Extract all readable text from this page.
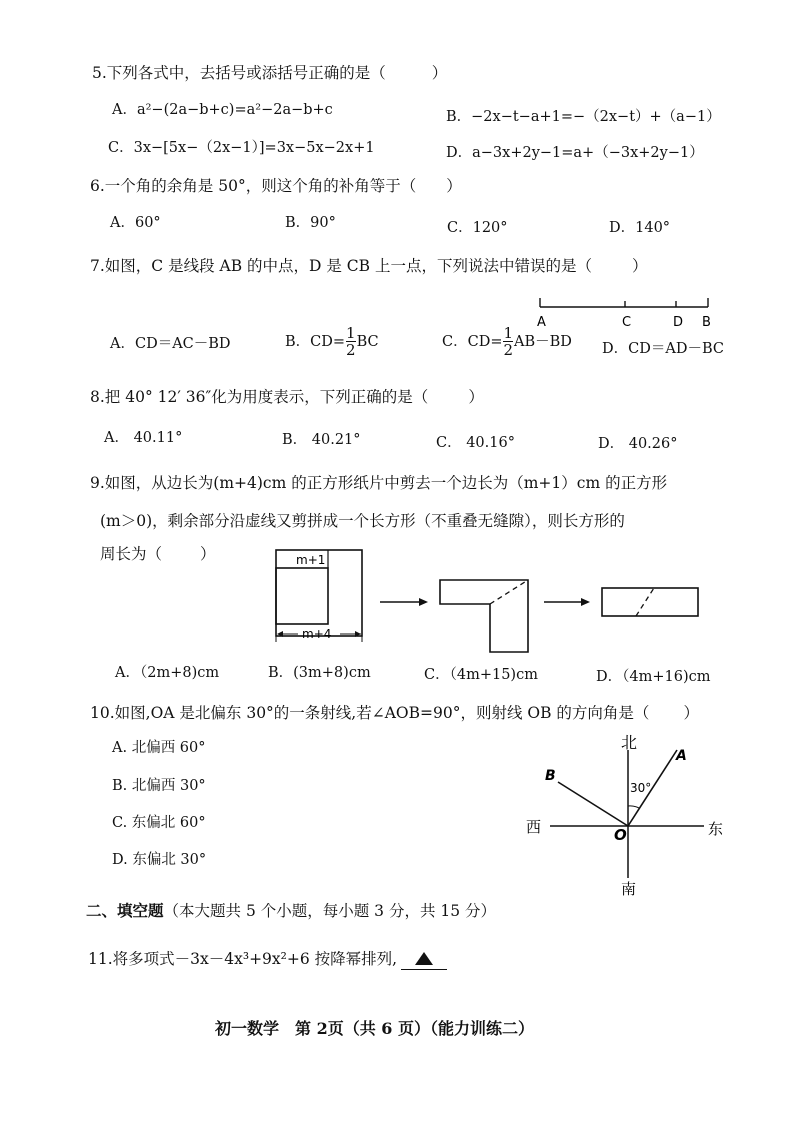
5.下列各式中，去括号或添括号正确的是（	）
A．a²−(2a−b+c)=a²−2a−b+c	B．−2x−t−a+1=−（2x−t）+（a−1）
C．3x−[5x−（2x−1）]=3x−5x−2x+1	D．a−3x+2y−1=a+（−3x+2y−1）
6.一个角的余角是 50°，则这个角的补角等于（ ）
A．60°	B．90°	C．120°	D．140°
7.如图，C 是线段 AB 的中点，D 是 CB 上一点，下列说法中错误的是（	）
A	C	D B
A．CD＝AC－BD	B．$CD= \frac{1}{2}$ BC	C．$CD= \frac{1}{2} AB-BD$ D．CD＝AD－BC
8.把 40° 12′ 36″化为用度表示，下列正确的是（	）
A． 40.11°	B． 40.21°	C． 40.16°	D． 40.26°
9.如图，从边长为(m+4)cm 的正方形纸片中剪去一个边长为（m+1）cm 的正方形
(m＞0)，剩余部分沿虚线又剪拼成一个长方形（不重叠无缝隙），则长方形的
周长为（ ）	m+1
m+4
A．（2m+8)cm	B．(3m+8)cm	C．（4m+15)cm	D．（4m+16)cm
10.如图,OA 是北偏东 30°的一条射线,若∠AOB=90°，则射线 OB 的方向角是（ ）
A. 北偏西 60°
B. 北偏西 30°
C. 东偏北 60°
D. 东偏北 30°
北
南
西	东
O
A
B
30°
二、填空题（本大题共 5 个小题，每小题 3 分，共 15 分）
11.将多项式－3x－4x³+9x²+6 按降幂排列,
初一数学　第 2页（共 6 页）（能力训练二）
